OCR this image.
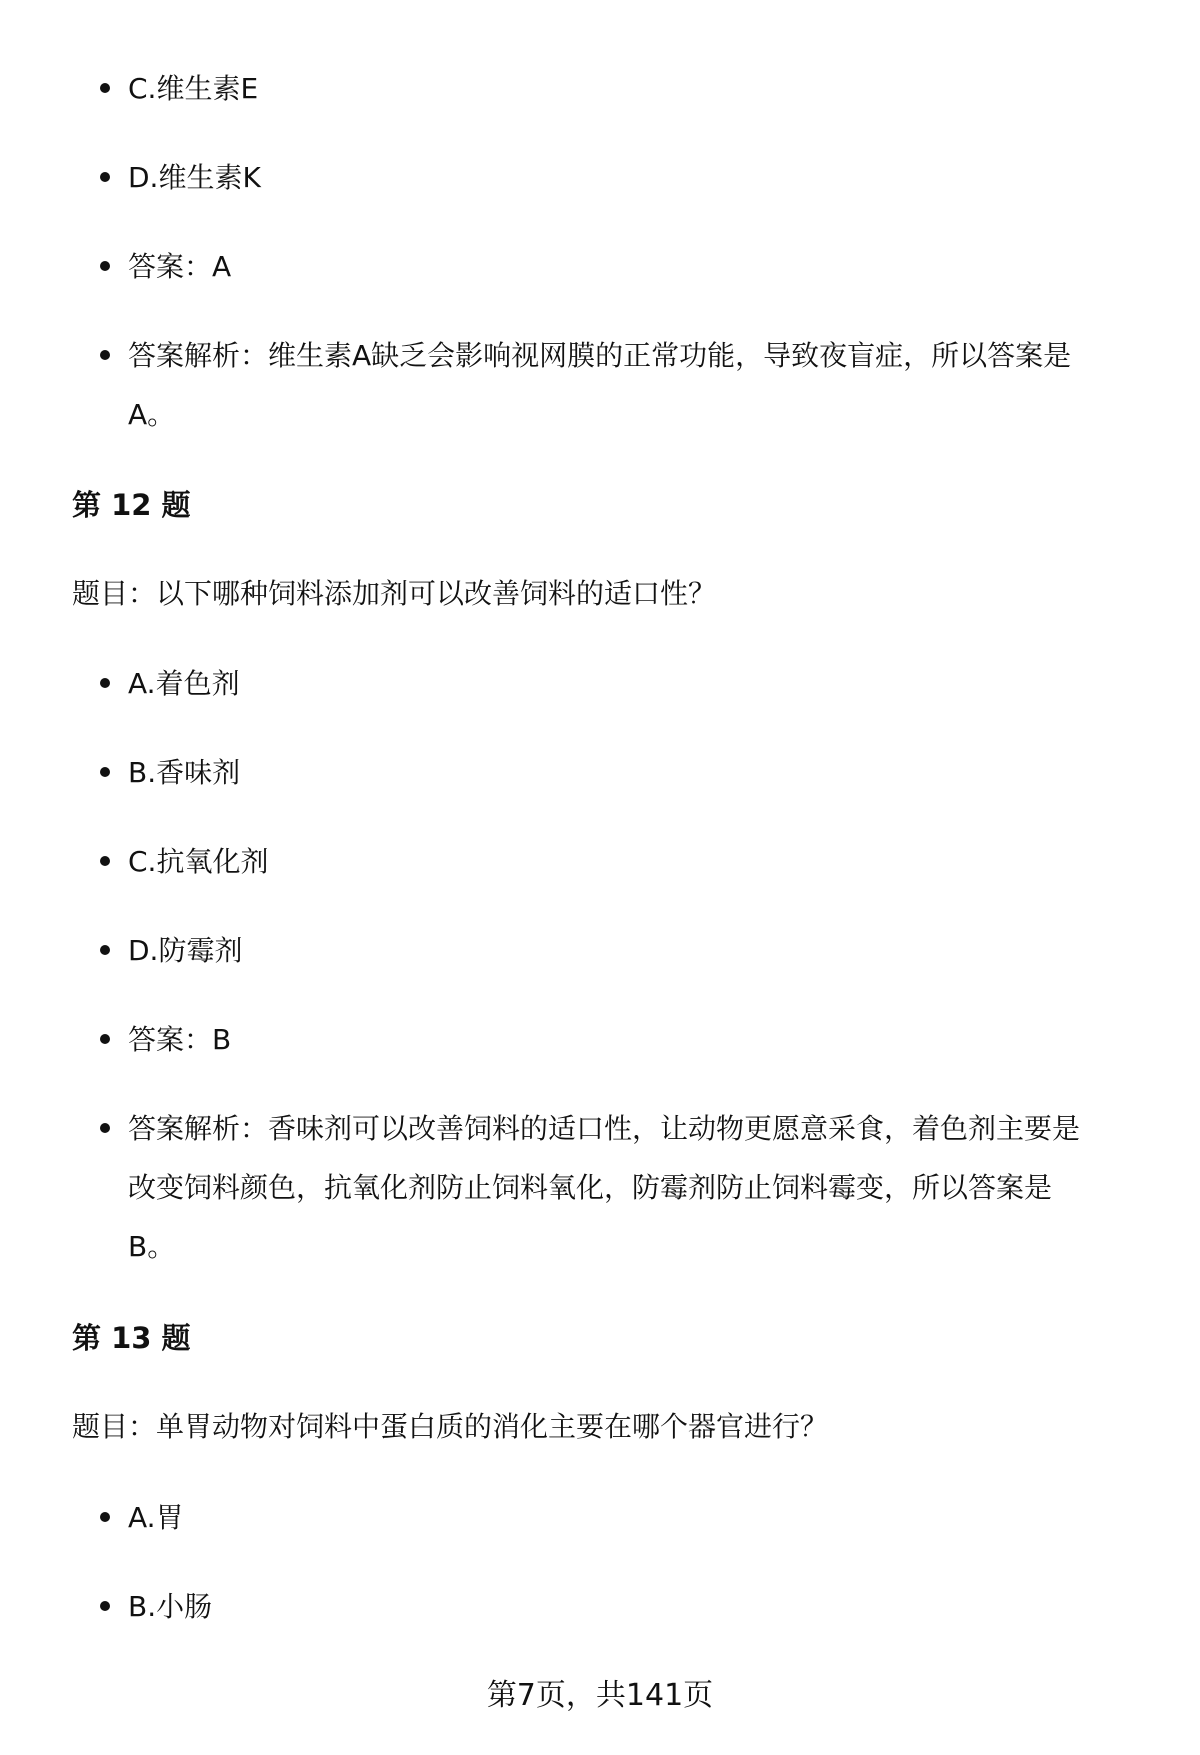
C.维生素E
D.维生素K
答案：A
答案解析：维生素A缺乏会影响视网膜的正常功能，导致夜盲症，所以答案是
A。
第 12 题
题目：以下哪种饲料添加剂可以改善饲料的适口性？
A.着色剂
B.香味剂
C.抗氧化剂
D.防霉剂
答案：B
答案解析：香味剂可以改善饲料的适口性，让动物更愿意采食，着色剂主要是
改变饲料颜色，抗氧化剂防止饲料氧化，防霉剂防止饲料霉变，所以答案是
B。
第 13 题
题目：单胃动物对饲料中蛋白质的消化主要在哪个器官进行？
A.胃
B.小肠
第7页，共141页
